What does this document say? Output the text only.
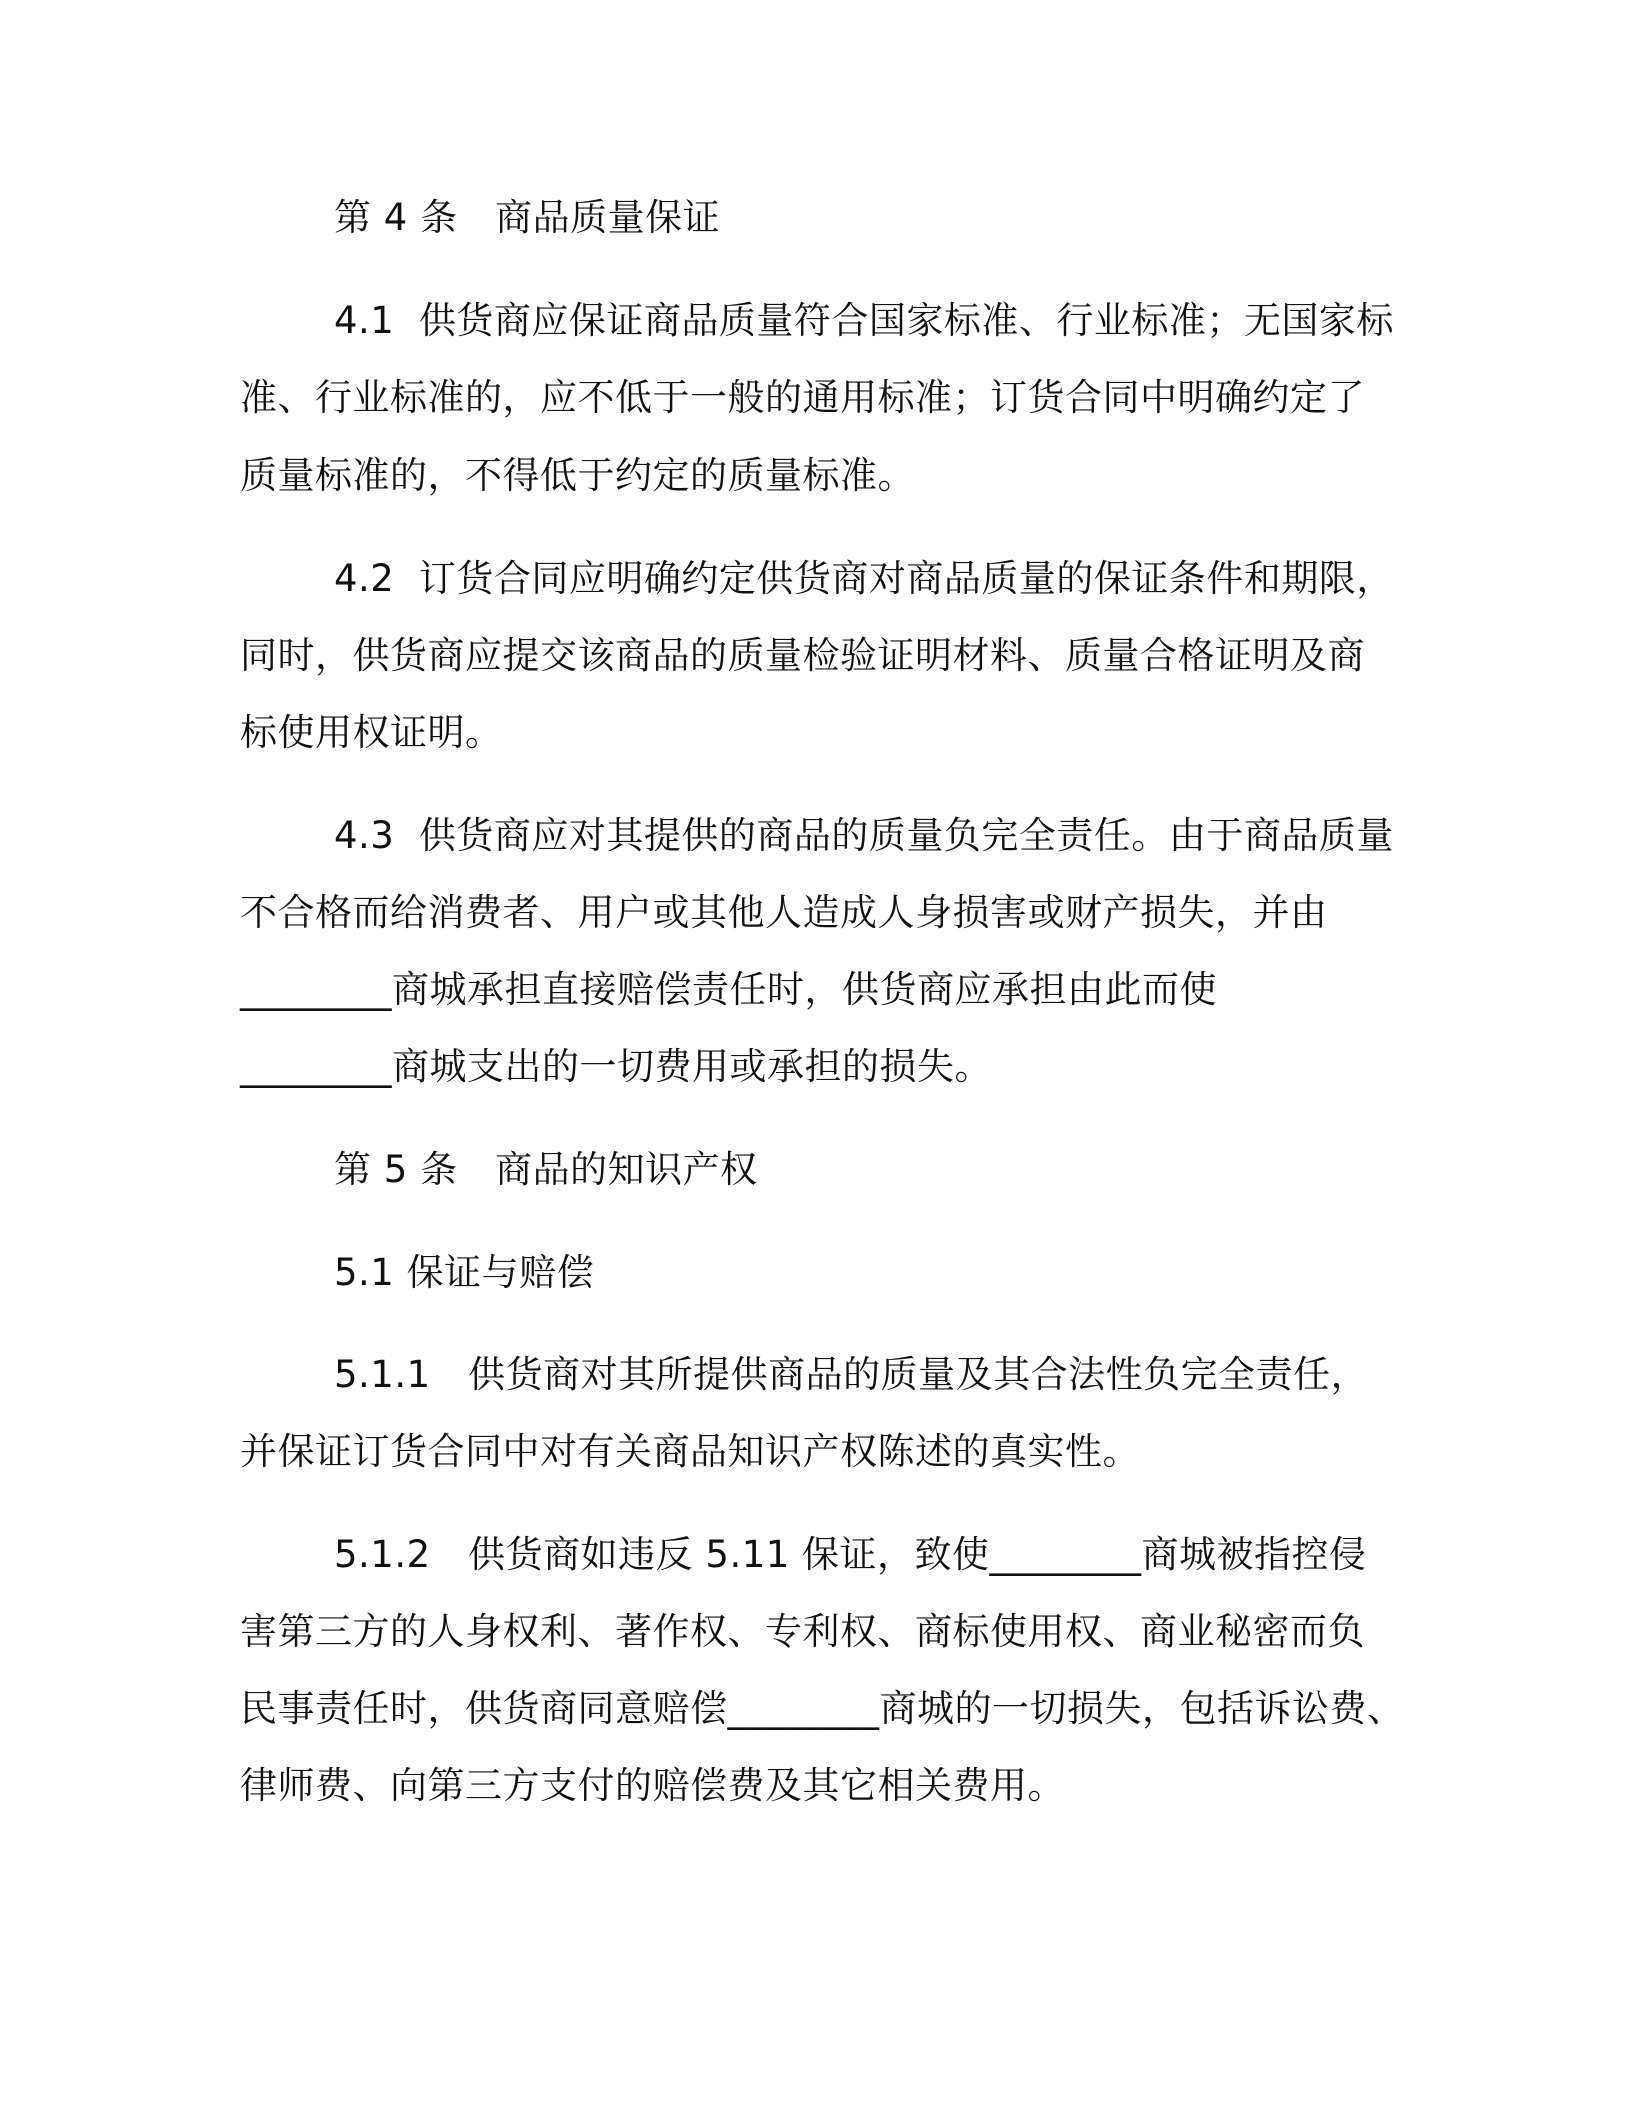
第 4 条　商品质量保证
4.1  供货商应保证商品质量符合国家标准、行业标准；无国家标
准、行业标准的，应不低于一般的通用标准；订货合同中明确约定了
质量标准的，不得低于约定的质量标准。
4.2  订货合同应明确约定供货商对商品质量的保证条件和期限，
同时，供货商应提交该商品的质量检验证明材料、质量合格证明及商
标使用权证明。
4.3  供货商应对其提供的商品的质量负完全责任。由于商品质量
不合格而给消费者、用户或其他人造成人身损害或财产损失，并由
________商城承担直接赔偿责任时，供货商应承担由此而使
________商城支出的一切费用或承担的损失。
第 5 条　商品的知识产权
5.1 保证与赔偿
5.1.1　供货商对其所提供商品的质量及其合法性负完全责任，
并保证订货合同中对有关商品知识产权陈述的真实性。
5.1.2　供货商如违反 5.11 保证，致使________商城被指控侵
害第三方的人身权利、著作权、专利权、商标使用权、商业秘密而负
民事责任时，供货商同意赔偿________商城的一切损失，包括诉讼费、
律师费、向第三方支付的赔偿费及其它相关费用。
